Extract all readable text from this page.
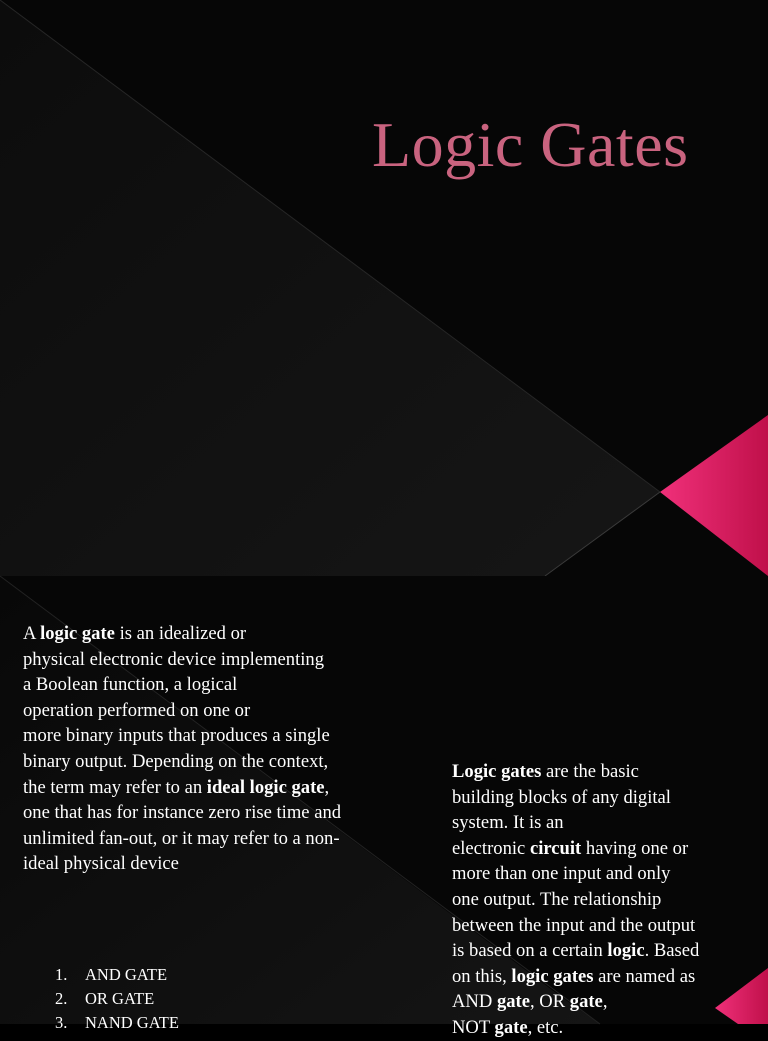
Logic Gates
A logic gate is an idealized or
physical electronic device implementing
a Boolean function, a logical
operation performed on one or
more binary inputs that produces a single
binary output. Depending on the context,
the term may refer to an ideal logic gate,
one that has for instance zero rise time and
unlimited fan-out, or it may refer to a non-
ideal physical device
1.	AND GATE
2.	OR GATE
3.	NAND GATE
Logic gates are the basic
building blocks of any digital
system. It is an
electronic circuit having one or
more than one input and only
one output. The relationship
between the input and the output
is based on a certain logic. Based
on this, logic gates are named as
AND gate, OR gate,
NOT gate, etc.
